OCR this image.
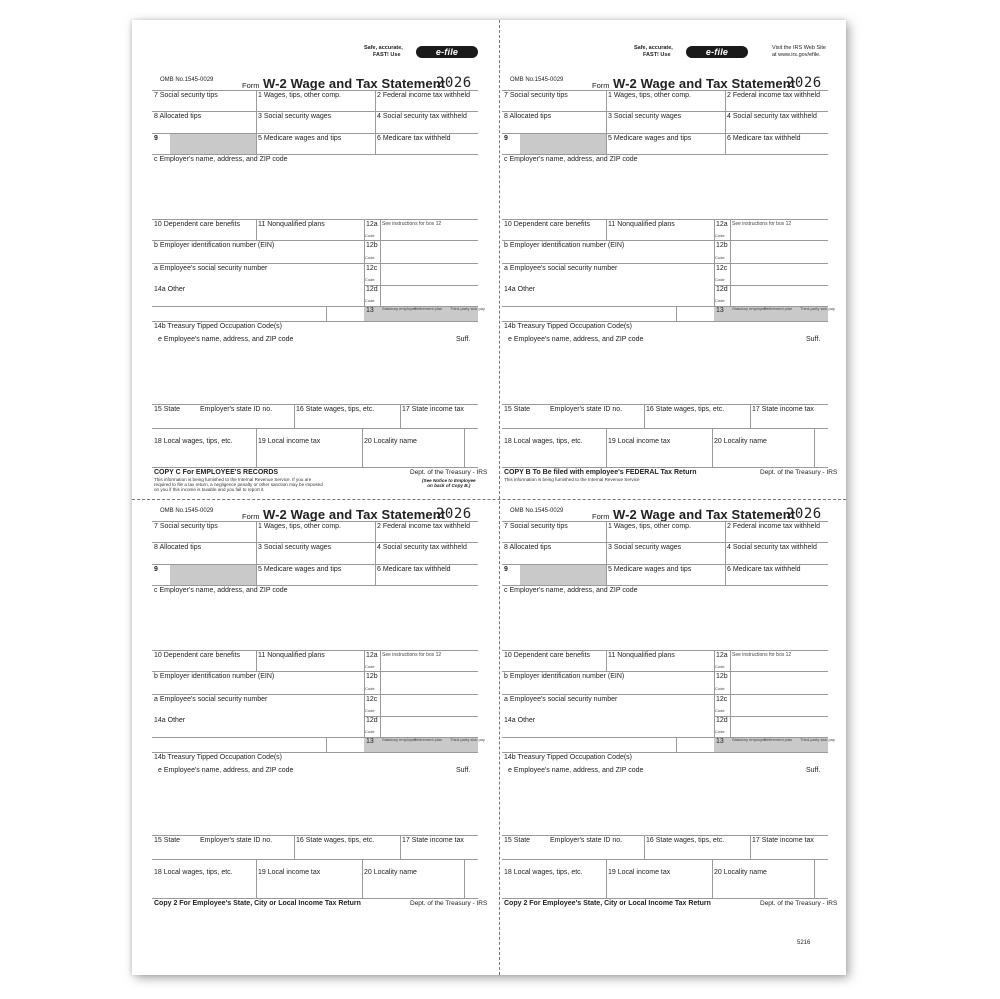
5216
OMB No.1545-0029
Form W-2 Wage and Tax Statement
2026
7 Social security tips	1 Wages, tips, other comp.	2 Federal income tax withheld
8 Allocated tips	3 Social security wages	4 Social security tax withheld
9	5 Medicare wages and tips	6 Medicare tax withheld
c Employer's name, address, and ZIP code
10 Dependent care benefits	11 Nonqualified plans	12a See instructions for box 12
b Employer identification number (EIN)	12b
a Employee's social security number	12c
14a Other	12d
Code
Code
Code
Code
13 Statutory employee
Retirement plan Third-party sick pay
14b Treasury Tipped Occupation Code(s)
e Employee's name, address, and ZIP code	Suff.
15 State	Employer's state ID no.	16 State wages, tips, etc.	17 State income tax
18 Local wages, tips, etc.	19 Local income tax	20 Locality name
COPY C For EMPLOYEE'S RECORDS	Dept. of the Treasury - IRS
This information is being furnished to the Internal Revenue Service. If you are
required to file a tax return, a negligence penalty or other sanction may be imposed
on you if this income is taxable and you fail to report it.
(See Notice to Employee
on back of Copy B.)
OMB No.1545-0029
Form W-2 Wage and Tax Statement
2026
7 Social security tips	1 Wages, tips, other comp.	2 Federal income tax withheld
8 Allocated tips	3 Social security wages	4 Social security tax withheld
9	5 Medicare wages and tips	6 Medicare tax withheld
c Employer's name, address, and ZIP code
10 Dependent care benefits	11 Nonqualified plans	12a See instructions for box 12
b Employer identification number (EIN)	12b
a Employee's social security number	12c
14a Other	12d
Code
Code
Code
Code
13 Statutory employee
Retirement plan Third-party sick pay
14b Treasury Tipped Occupation Code(s)
e Employee's name, address, and ZIP code	Suff.
15 State	Employer's state ID no.	16 State wages, tips, etc.	17 State income tax
18 Local wages, tips, etc.	19 Local income tax	20 Locality name
COPY B To Be filed with employee's FEDERAL Tax Return	Dept. of the Treasury - IRS
This information is being furnished to the Internal Revenue Service
OMB No.1545-0029
Form W-2 Wage and Tax Statement
2026
7 Social security tips	1 Wages, tips, other comp.	2 Federal income tax withheld
8 Allocated tips	3 Social security wages	4 Social security tax withheld
9	5 Medicare wages and tips	6 Medicare tax withheld
c Employer's name, address, and ZIP code
10 Dependent care benefits	11 Nonqualified plans	12a See instructions for box 12
b Employer identification number (EIN)	12b
a Employee's social security number	12c
14a Other	12d
Code
Code
Code
Code
13 Statutory employee
Retirement plan Third-party sick pay
14b Treasury Tipped Occupation Code(s)
e Employee's name, address, and ZIP code	Suff.
15 State	Employer's state ID no.	16 State wages, tips, etc.	17 State income tax
18 Local wages, tips, etc.	19 Local income tax	20 Locality name
Copy 2 For Employee's State, City or Local Income Tax Return	Dept. of the Treasury - IRS
OMB No.1545-0029
Form W-2 Wage and Tax Statement
2026
7 Social security tips	1 Wages, tips, other comp.	2 Federal income tax withheld
8 Allocated tips	3 Social security wages	4 Social security tax withheld
9	5 Medicare wages and tips	6 Medicare tax withheld
c Employer's name, address, and ZIP code
10 Dependent care benefits	11 Nonqualified plans	12a See instructions for box 12
b Employer identification number (EIN)	12b
a Employee's social security number	12c
14a Other	12d
Code
Code
Code
Code
13 Statutory employee
Retirement plan Third-party sick pay
14b Treasury Tipped Occupation Code(s)
e Employee's name, address, and ZIP code	Suff.
15 State	Employer's state ID no.	16 State wages, tips, etc.	17 State income tax
18 Local wages, tips, etc.	19 Local income tax	20 Locality name
Copy 2 For Employee's State, City or Local Income Tax Return	Dept. of the Treasury - IRS
Safe, accurate,
FAST! Use	e-file	Safe, accurate,
FAST! Use	e-file	Visit the IRS Web Site
at www.irs.gov/efile.
